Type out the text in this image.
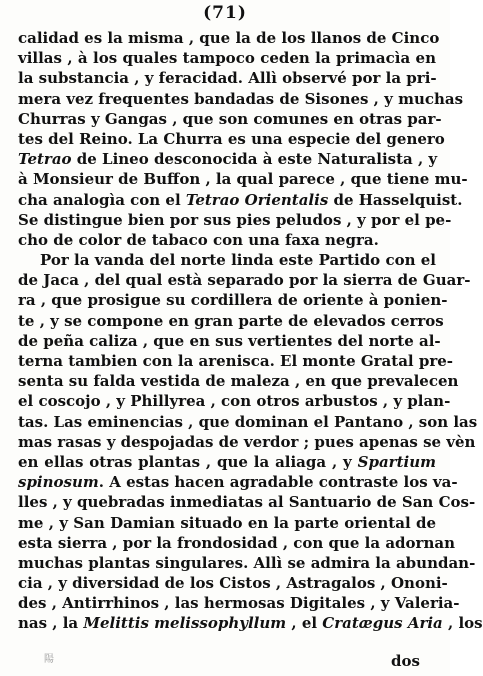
(71)
calidad es la misma , que la de los llanos de Cinco
villas , à los quales tampoco ceden la primacìa en
la substancia , y feracidad. Allì observé por la pri-
mera vez frequentes bandadas de Sisones , y muchas
Churras y Gangas , que son comunes en otras par-
tes del Reino. La Churra es una especie del genero
Tetrao de Lineo desconocida à este Naturalista , y
à Monsieur de Buffon , la qual parece , que tiene mu-
cha analogìa con el Tetrao Orientalis de Hasselquist.
Se distingue bien por sus pies peludos , y por el pe-
cho de color de tabaco con una faxa negra.
Por la vanda del norte linda este Partido con el
de Jaca , del qual està separado por la sierra de Guar-
ra , que prosigue su cordillera de oriente à ponien-
te , y se compone en gran parte de elevados cerros
de peña caliza , que en sus vertientes del norte al-
terna tambien con la arenisca. El monte Gratal pre-
senta su falda vestida de maleza , en que prevalecen
el coscojo , y Phillyrea , con otros arbustos , y plan-
tas. Las eminencias , que dominan el Pantano , son las
mas rasas y despojadas de verdor ; pues apenas se vèn
en ellas otras plantas , que la aliaga , y Spartium
spinosum. A estas hacen agradable contraste los va-
lles , y quebradas inmediatas al Santuario de San Cos-
me , y San Damian situado en la parte oriental de
esta sierra , por la frondosidad , con que la adornan
muchas plantas singulares. Allì se admira la abundan-
cia , y diversidad de los Cistos , Astragalos , Ononi-
des , Antirrhinos , las hermosas Digitales , y Valeria-
nas , la Melittis melissophyllum , el Cratægus Aria , los
陽	dos
